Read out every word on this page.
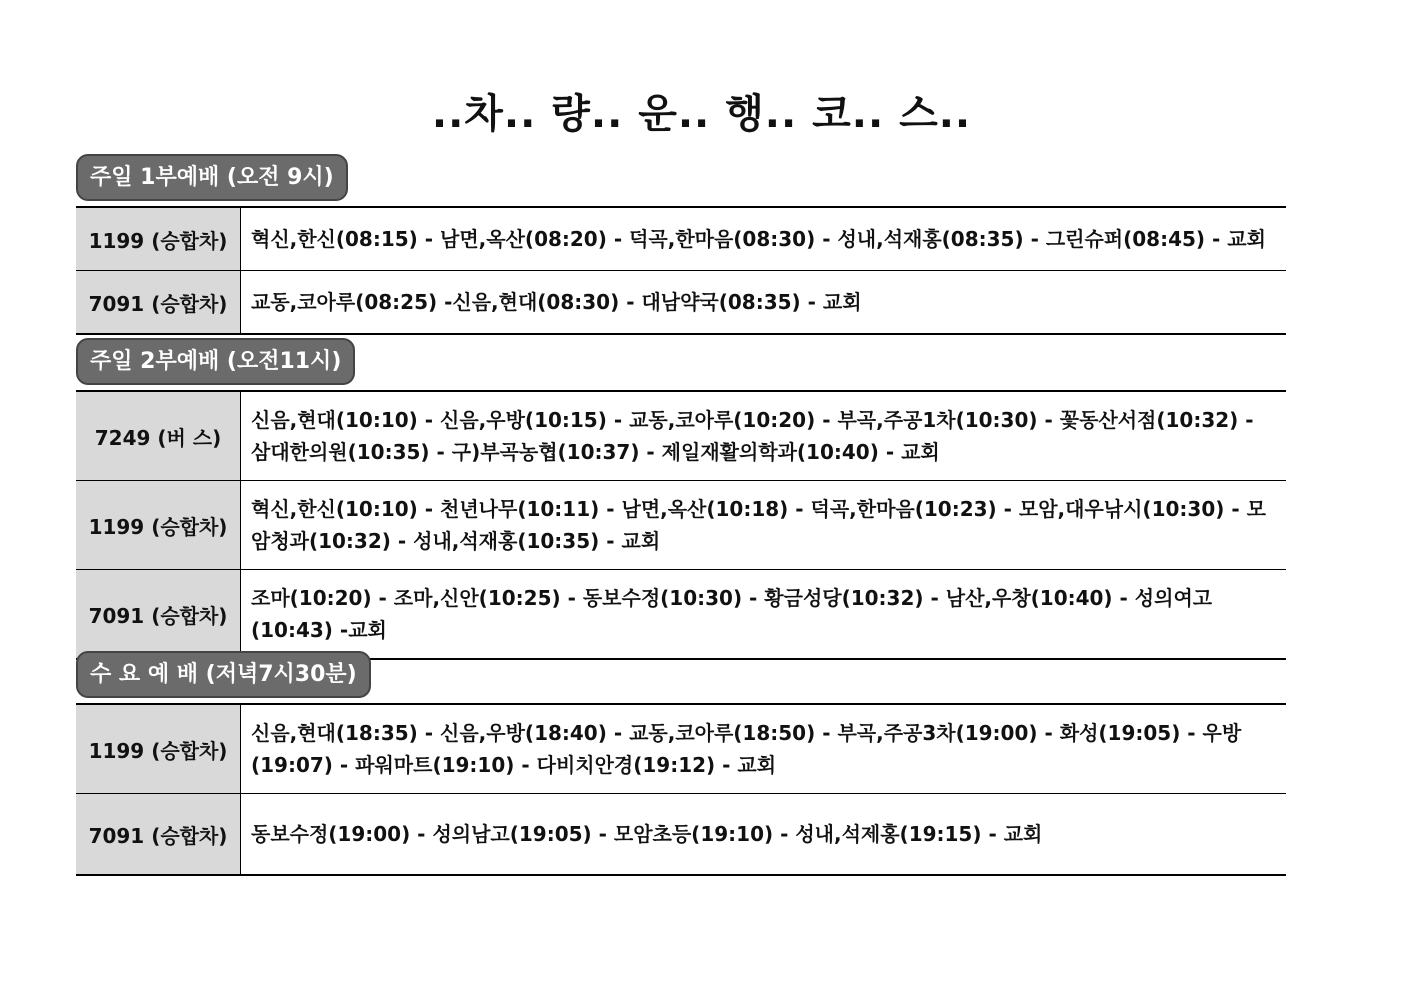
..차.. 량.. 운.. 행.. 코.. 스..
주일 1부예배 (오전 9시)
1199 (승합차)	혁신,한신(08:15) - 남면,옥산(08:20) - 덕곡,한마음(08:30) - 성내,석재홍(08:35) - 그린슈퍼(08:45) - 교회
7091 (승합차)	교동,코아루(08:25) -신음,현대(08:30) - 대남약국(08:35) - 교회
주일 2부예배 (오전11시)
7249 (버 스)	신음,현대(10:10) - 신음,우방(10:15) - 교동,코아루(10:20) - 부곡,주공1차(10:30) - 꽃동산서점(10:32) - 삼대한의원(10:35) - 구)부곡농협(10:37) - 제일재활의학과(10:40) - 교회
1199 (승합차)	혁신,한신(10:10) - 천년나무(10:11) - 남면,옥산(10:18) - 덕곡,한마음(10:23) - 모암,대우낚시(10:30) - 모암청과(10:32) - 성내,석재홍(10:35) - 교회
7091 (승합차)	조마(10:20) - 조마,신안(10:25) - 동보수정(10:30) - 황금성당(10:32) - 남산,우창(10:40) - 성의여고(10:43) -교회
수 요 예 배 (저녁7시30분)
1199 (승합차)	신음,현대(18:35) - 신음,우방(18:40) - 교동,코아루(18:50) - 부곡,주공3차(19:00) - 화성(19:05) - 우방(19:07) - 파워마트(19:10) - 다비치안경(19:12) - 교회
7091 (승합차)	동보수정(19:00) - 성의남고(19:05) - 모암초등(19:10) - 성내,석제홍(19:15) - 교회
